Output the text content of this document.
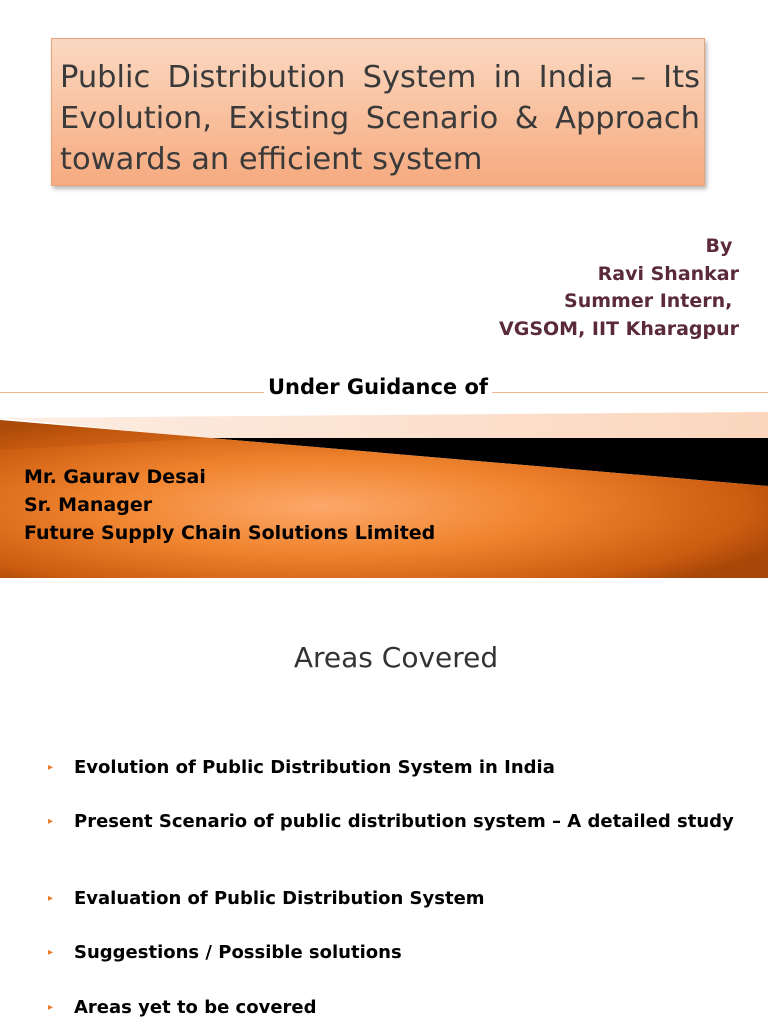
Public Distribution System in India – Its Evolution, Existing Scenario & Approach towards an efficient system
By
Ravi Shankar
Summer Intern,
VGSOM, IIT Kharagpur
Under Guidance of
Mr. Gaurav Desai
Sr. Manager
Future Supply Chain Solutions Limited
Areas Covered
▸ Evolution of Public Distribution System in India
▸ Present Scenario of public distribution system – A detailed study
▸ Evaluation of Public Distribution System
▸ Suggestions / Possible solutions
▸ Areas yet to be covered
